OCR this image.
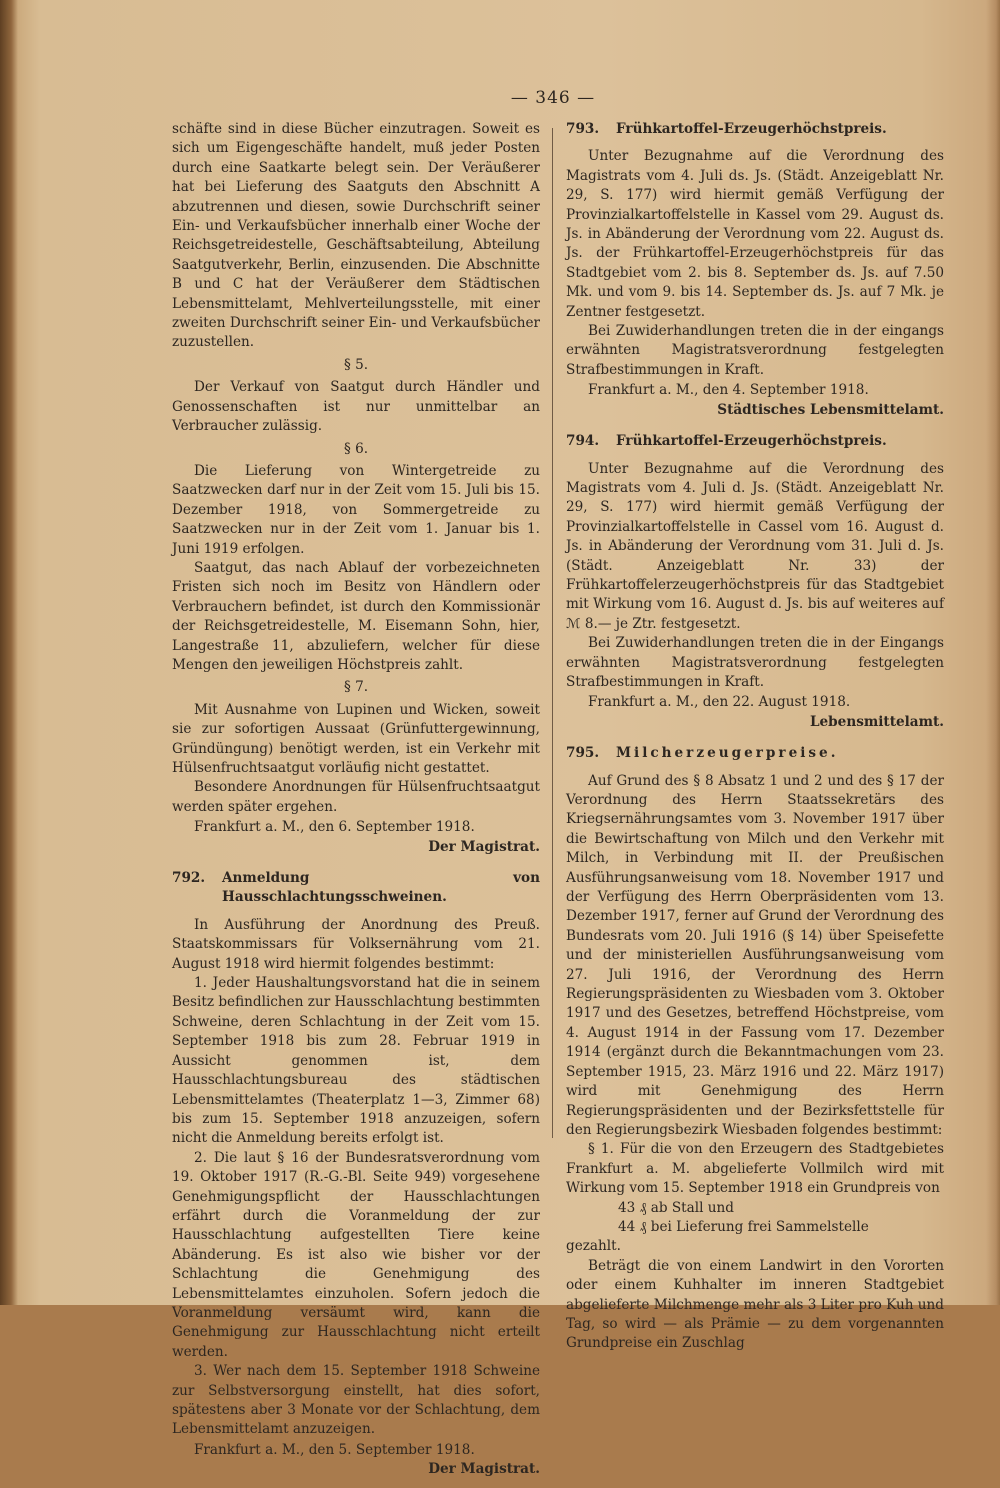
— 346 —

schäfte sind in diese Bücher einzutragen. Soweit es sich um Eigengeschäfte handelt, muß jeder Posten durch eine Saatkarte belegt sein. Der Veräußerer hat bei Lieferung des Saatguts den Abschnitt A abzutrennen und diesen, sowie Durchschrift seiner Ein- und Verkaufsbücher innerhalb einer Woche der Reichsgetreidestelle, Geschäftsabteilung, Abteilung Saatgutverkehr, Berlin, einzusenden. Die Abschnitte B und C hat der Veräußerer dem Städtischen Lebensmittelamt, Mehlverteilungsstelle, mit einer zweiten Durchschrift seiner Ein- und Verkaufsbücher zuzustellen.

§ 5.

Der Verkauf von Saatgut durch Händler und Genossenschaften ist nur unmittelbar an Verbraucher zulässig.

§ 6.

Die Lieferung von Wintergetreide zu Saatzwecken darf nur in der Zeit vom 15. Juli bis 15. Dezember 1918, von Sommergetreide zu Saatzwecken nur in der Zeit vom 1. Januar bis 1. Juni 1919 erfolgen.

Saatgut, das nach Ablauf der vorbezeichneten Fristen sich noch im Besitz von Händlern oder Verbrauchern befindet, ist durch den Kommissionär der Reichsgetreidestelle, M. Eisemann Sohn, hier, Langestraße 11, abzuliefern, welcher für diese Mengen den jeweiligen Höchstpreis zahlt.

§ 7.

Mit Ausnahme von Lupinen und Wicken, soweit sie zur sofortigen Aussaat (Grünfuttergewinnung, Gründüngung) benötigt werden, ist ein Verkehr mit Hülsenfruchtsaatgut vorläufig nicht gestattet.

Besondere Anordnungen für Hülsenfruchtsaatgut werden später ergehen.

Frankfurt a. M., den 6. September 1918.

Der Magistrat.

792.	Anmeldung von Hausschlachtungsschweinen.

In Ausführung der Anordnung des Preuß. Staatskommissars für Volksernährung vom 21. August 1918 wird hiermit folgendes bestimmt:

1. Jeder Haushaltungsvorstand hat die in seinem Besitz befindlichen zur Hausschlachtung bestimmten Schweine, deren Schlachtung in der Zeit vom 15. September 1918 bis zum 28. Februar 1919 in Aussicht genommen ist, dem Hausschlachtungsbureau des städtischen Lebensmittelamtes (Theaterplatz 1—3, Zimmer 68) bis zum 15. September 1918 anzuzeigen, sofern nicht die Anmeldung bereits erfolgt ist.

2. Die laut § 16 der Bundesratsverordnung vom 19. Oktober 1917 (R.-G.-Bl. Seite 949) vorgesehene Genehmigungspflicht der Hausschlachtungen erfährt durch die Voranmeldung der zur Hausschlachtung aufgestellten Tiere keine Abänderung. Es ist also wie bisher vor der Schlachtung die Genehmigung des Lebensmittelamtes einzuholen. Sofern jedoch die Voranmeldung versäumt wird, kann die Genehmigung zur Hausschlachtung nicht erteilt werden.

3. Wer nach dem 15. September 1918 Schweine zur Selbstversorgung einstellt, hat dies sofort, spätestens aber 3 Monate vor der Schlachtung, dem Lebensmittelamt anzuzeigen.

Frankfurt a. M., den 5. September 1918.

Der Magistrat.

793.	Frühkartoffel-Erzeugerhöchstpreis.

Unter Bezugnahme auf die Verordnung des Magistrats vom 4. Juli ds. Js. (Städt. Anzeigeblatt Nr. 29, S. 177) wird hiermit gemäß Verfügung der Provinzialkartoffelstelle in Kassel vom 29. August ds. Js. in Abänderung der Verordnung vom 22. August ds. Js. der Frühkartoffel-Erzeugerhöchstpreis für das Stadtgebiet vom 2. bis 8. September ds. Js. auf 7.50 Mk. und vom 9. bis 14. September ds. Js. auf 7 Mk. je Zentner festgesetzt.

Bei Zuwiderhandlungen treten die in der eingangs erwähnten Magistratsverordnung festgelegten Strafbestimmungen in Kraft.

Frankfurt a. M., den 4. September 1918.

Städtisches Lebensmittelamt.

794.	Frühkartoffel-Erzeugerhöchstpreis.

Unter Bezugnahme auf die Verordnung des Magistrats vom 4. Juli d. Js. (Städt. Anzeigeblatt Nr. 29, S. 177) wird hiermit gemäß Verfügung der Provinzialkartoffelstelle in Cassel vom 16. August d. Js. in Abänderung der Verordnung vom 31. Juli d. Js. (Städt. Anzeigeblatt Nr. 33) der Frühkartoffelerzeugerhöchstpreis für das Stadtgebiet mit Wirkung vom 16. August d. Js. bis auf weiteres auf ℳ 8.— je Ztr. festgesetzt.

Bei Zuwiderhandlungen treten die in der Eingangs erwähnten Magistratsverordnung festgelegten Strafbestimmungen in Kraft.

Frankfurt a. M., den 22. August 1918.

Lebensmittelamt.

795.	Milcherzeugerpreise.

Auf Grund des § 8 Absatz 1 und 2 und des § 17 der Verordnung des Herrn Staatssekretärs des Kriegsernährungsamtes vom 3. November 1917 über die Bewirtschaftung von Milch und den Verkehr mit Milch, in Verbindung mit II. der Preußischen Ausführungsanweisung vom 18. November 1917 und der Verfügung des Herrn Oberpräsidenten vom 13. Dezember 1917, ferner auf Grund der Verordnung des Bundesrats vom 20. Juli 1916 (§ 14) über Speisefette und der ministeriellen Ausführungsanweisung vom 27. Juli 1916, der Verordnung des Herrn Regierungspräsidenten zu Wiesbaden vom 3. Oktober 1917 und des Gesetzes, betreffend Höchstpreise, vom 4. August 1914 in der Fassung vom 17. Dezember 1914 (ergänzt durch die Bekanntmachungen vom 23. September 1915, 23. März 1916 und 22. März 1917) wird mit Genehmigung des Herrn Regierungspräsidenten und der Bezirksfettstelle für den Regierungsbezirk Wiesbaden folgendes bestimmt:

§ 1. Für die von den Erzeugern des Stadtgebietes Frankfurt a. M. abgelieferte Vollmilch wird mit Wirkung vom 15. September 1918 ein Grundpreis von

43 ₰ ab Stall und

44 ₰ bei Lieferung frei Sammelstelle

gezahlt.

Beträgt die von einem Landwirt in den Vororten oder einem Kuhhalter im inneren Stadtgebiet abgelieferte Milchmenge mehr als 3 Liter pro Kuh und Tag, so wird — als Prämie — zu dem vorgenannten Grundpreise ein Zuschlag
